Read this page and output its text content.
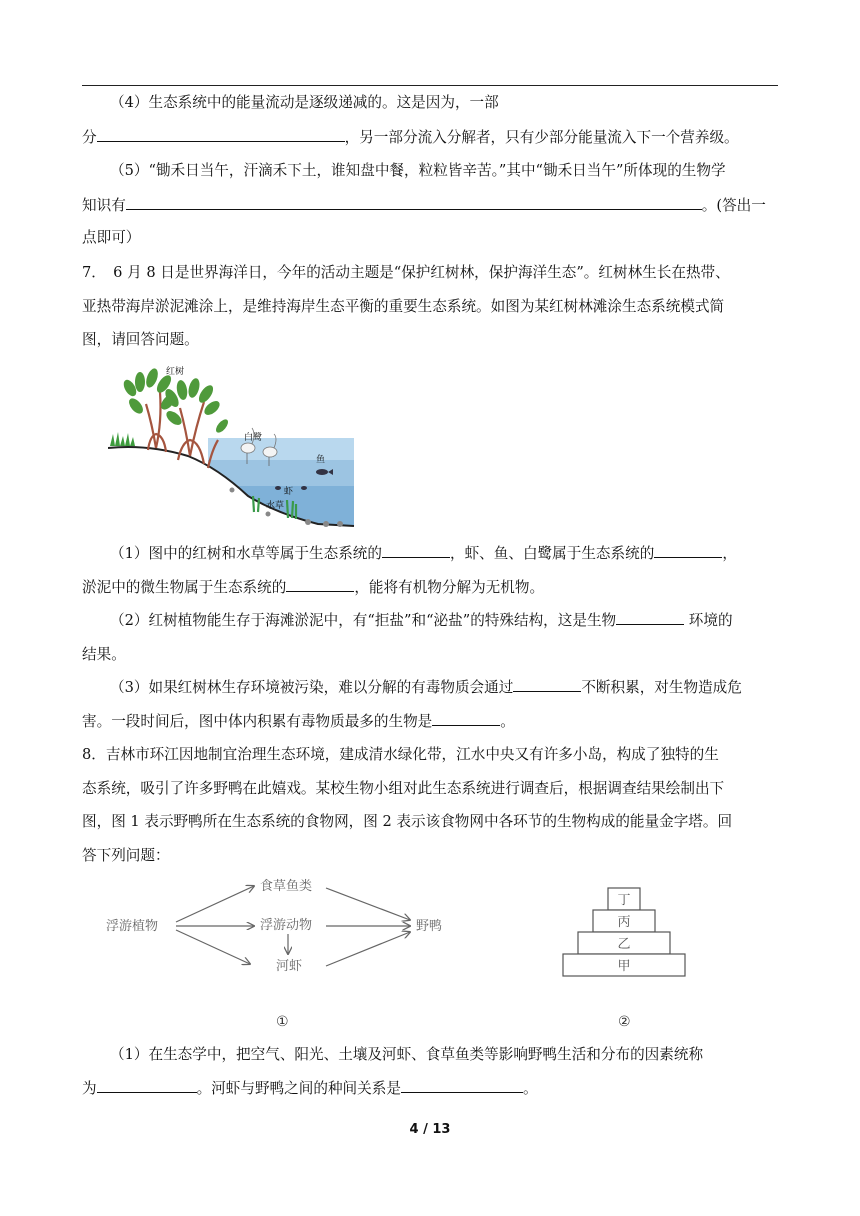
（4）生态系统中的能量流动是逐级递减的。这是因为，一部
分	，另一部分流入分解者，只有少部分能量流入下一个营养级。
（5）“锄禾日当午，汗滴禾下土，谁知盘中餐，粒粒皆辛苦。”其中“锄禾日当午”所体现的生物学
知识有	。(答出一
点即可）
7．　6 月 8 日是世界海洋日，今年的活动主题是“保护红树林，保护海洋生态”。红树林生长在热带、
亚热带海岸淤泥滩涂上，是维持海岸生态平衡的重要生态系统。如图为某红树林滩涂生态系统模式简
图，请回答问题。
红树
白鹭
鱼
虾
水草
（1）图中的红树和水草等属于生态系统的	，虾、鱼、白鹭属于生态系统的	，
淤泥中的微生物属于生态系统的	，能将有机物分解为无机物。
（2）红树植物能生存于海滩淤泥中，有“拒盐”和“泌盐”的特殊结构，这是生物	环境的
结果。
（3）如果红树林生存环境被污染，难以分解的有毒物质会通过	不断积累，对生物造成危
害。一段时间后，图中体内积累有毒物质最多的生物是	。
8．吉林市环江因地制宜治理生态环境，建成清水绿化带，江水中央又有许多小岛，构成了独特的生
态系统，吸引了许多野鸭在此嬉戏。某校生物小组对此生态系统进行调查后，根据调查结果绘制出下
图，图 1 表示野鸭所在生态系统的食物网，图 2 表示该食物网中各环节的生物构成的能量金字塔。回
答下列问题：
浮游植物
食草鱼类
浮游动物
河虾
野鸭
①
丁
丙
乙
甲
②
（1）在生态学中，把空气、阳光、土壤及河虾、食草鱼类等影响野鸭生活和分布的因素统称
为	。河虾与野鸭之间的种间关系是	。
4 / 13
